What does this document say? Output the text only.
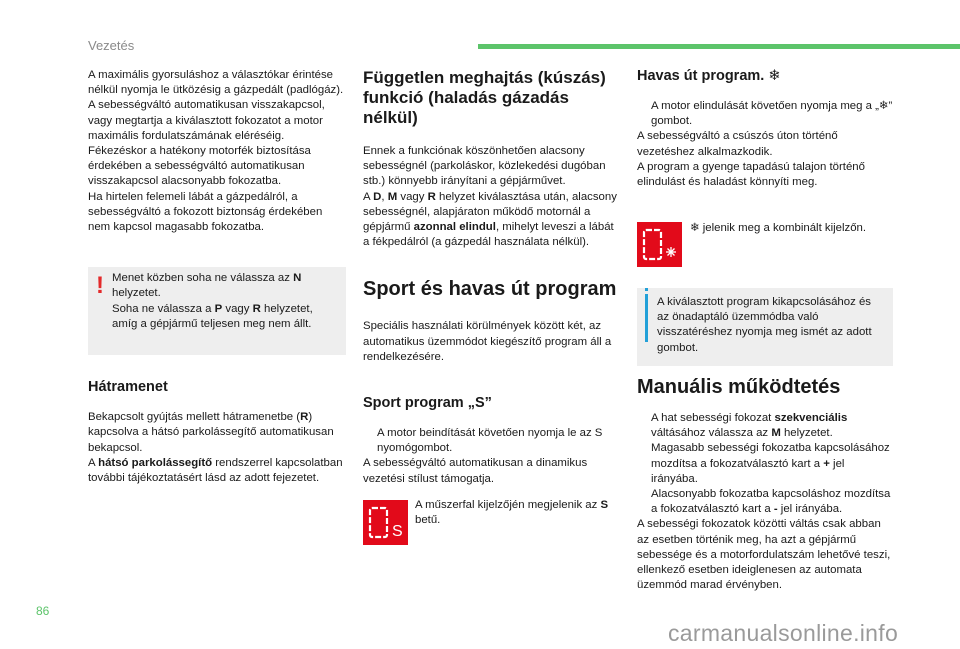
Vezetés

A maximális gyorsuláshoz a választókar érintése nélkül nyomja le ütközésig a gázpedált (padlógáz). A sebességváltó automatikusan visszakapcsol, vagy megtartja a kiválasztott fokozatot a motor maximális fordulatszámának eléréséig.

Fékezéskor a hatékony motorfék biztosítása érdekében a sebességváltó automatikusan visszakapcsol alacsonyabb fokozatba.

Ha hirtelen felemeli lábát a gázpedálról, a sebességváltó a fokozott biztonság érdekében nem kapcsol magasabb fokozatba.

! Menet közben soha ne válassza az N helyzetet.

Soha ne válassza a P vagy R helyzetet, amíg a gépjármű teljesen meg nem állt.

Hátramenet

Bekapcsolt gyújtás mellett hátramenetbe (R) kapcsolva a hátsó parkolássegítő automatikusan bekapcsol.

A hátsó parkolássegítő rendszerrel kapcsolatban további tájékoztatásért lásd az adott fejezetet.

Független meghajtás (kúszás) funkció (haladás gázadás nélkül)

Ennek a funkciónak köszönhetően alacsony sebességnél (parkoláskor, közlekedési dugóban stb.) könnyebb irányítani a gépjárművet.

A D, M vagy R helyzet kiválasztása után, alacsony sebességnél, alapjáraton működő motornál a gépjármű azonnal elindul, mihelyt leveszi a lábát a fékpedálról (a gázpedál használata nélkül).

Sport és havas út program

Speciális használati körülmények között két, az automatikus üzemmódot kiegészítő program áll a rendelkezésére.

Sport program „S”
A motor beindítását követően nyomja le az S nyomógombot.

A sebességváltó automatikusan a dinamikus vezetési stílust támogatja.

S
A műszerfal kijelzőjén megjelenik az S betű.
Havas út program. ❄
A motor elindulását követően nyomja meg a „❄” gombot.

A sebességváltó a csúszós úton történő vezetéshez alkalmazkodik.

A program a gyenge tapadású talajon történő elindulást és haladást könnyíti meg.

❄ jelenik meg a kombinált kijelzőn.
A kiválasztott program kikapcsolásához és az önadaptáló üzemmódba való visszatéréshez nyomja meg ismét az adott gombot.
Manuális működtetés
A hat sebességi fokozat szekvenciális váltásához válassza az M helyzetet.
Magasabb sebességi fokozatba kapcsolásához mozdítsa a fokozatválasztó kart a + jel irányába.
Alacsonyabb fokozatba kapcsoláshoz mozdítsa a fokozatválasztó kart a - jel irányába.

A sebességi fokozatok közötti váltás csak abban az esetben történik meg, ha azt a gépjármű sebessége és a motorfordulatszám lehetővé teszi, ellenkező esetben ideiglenesen az automata üzemmód marad érvényben.

86
carmanualsonline.info
